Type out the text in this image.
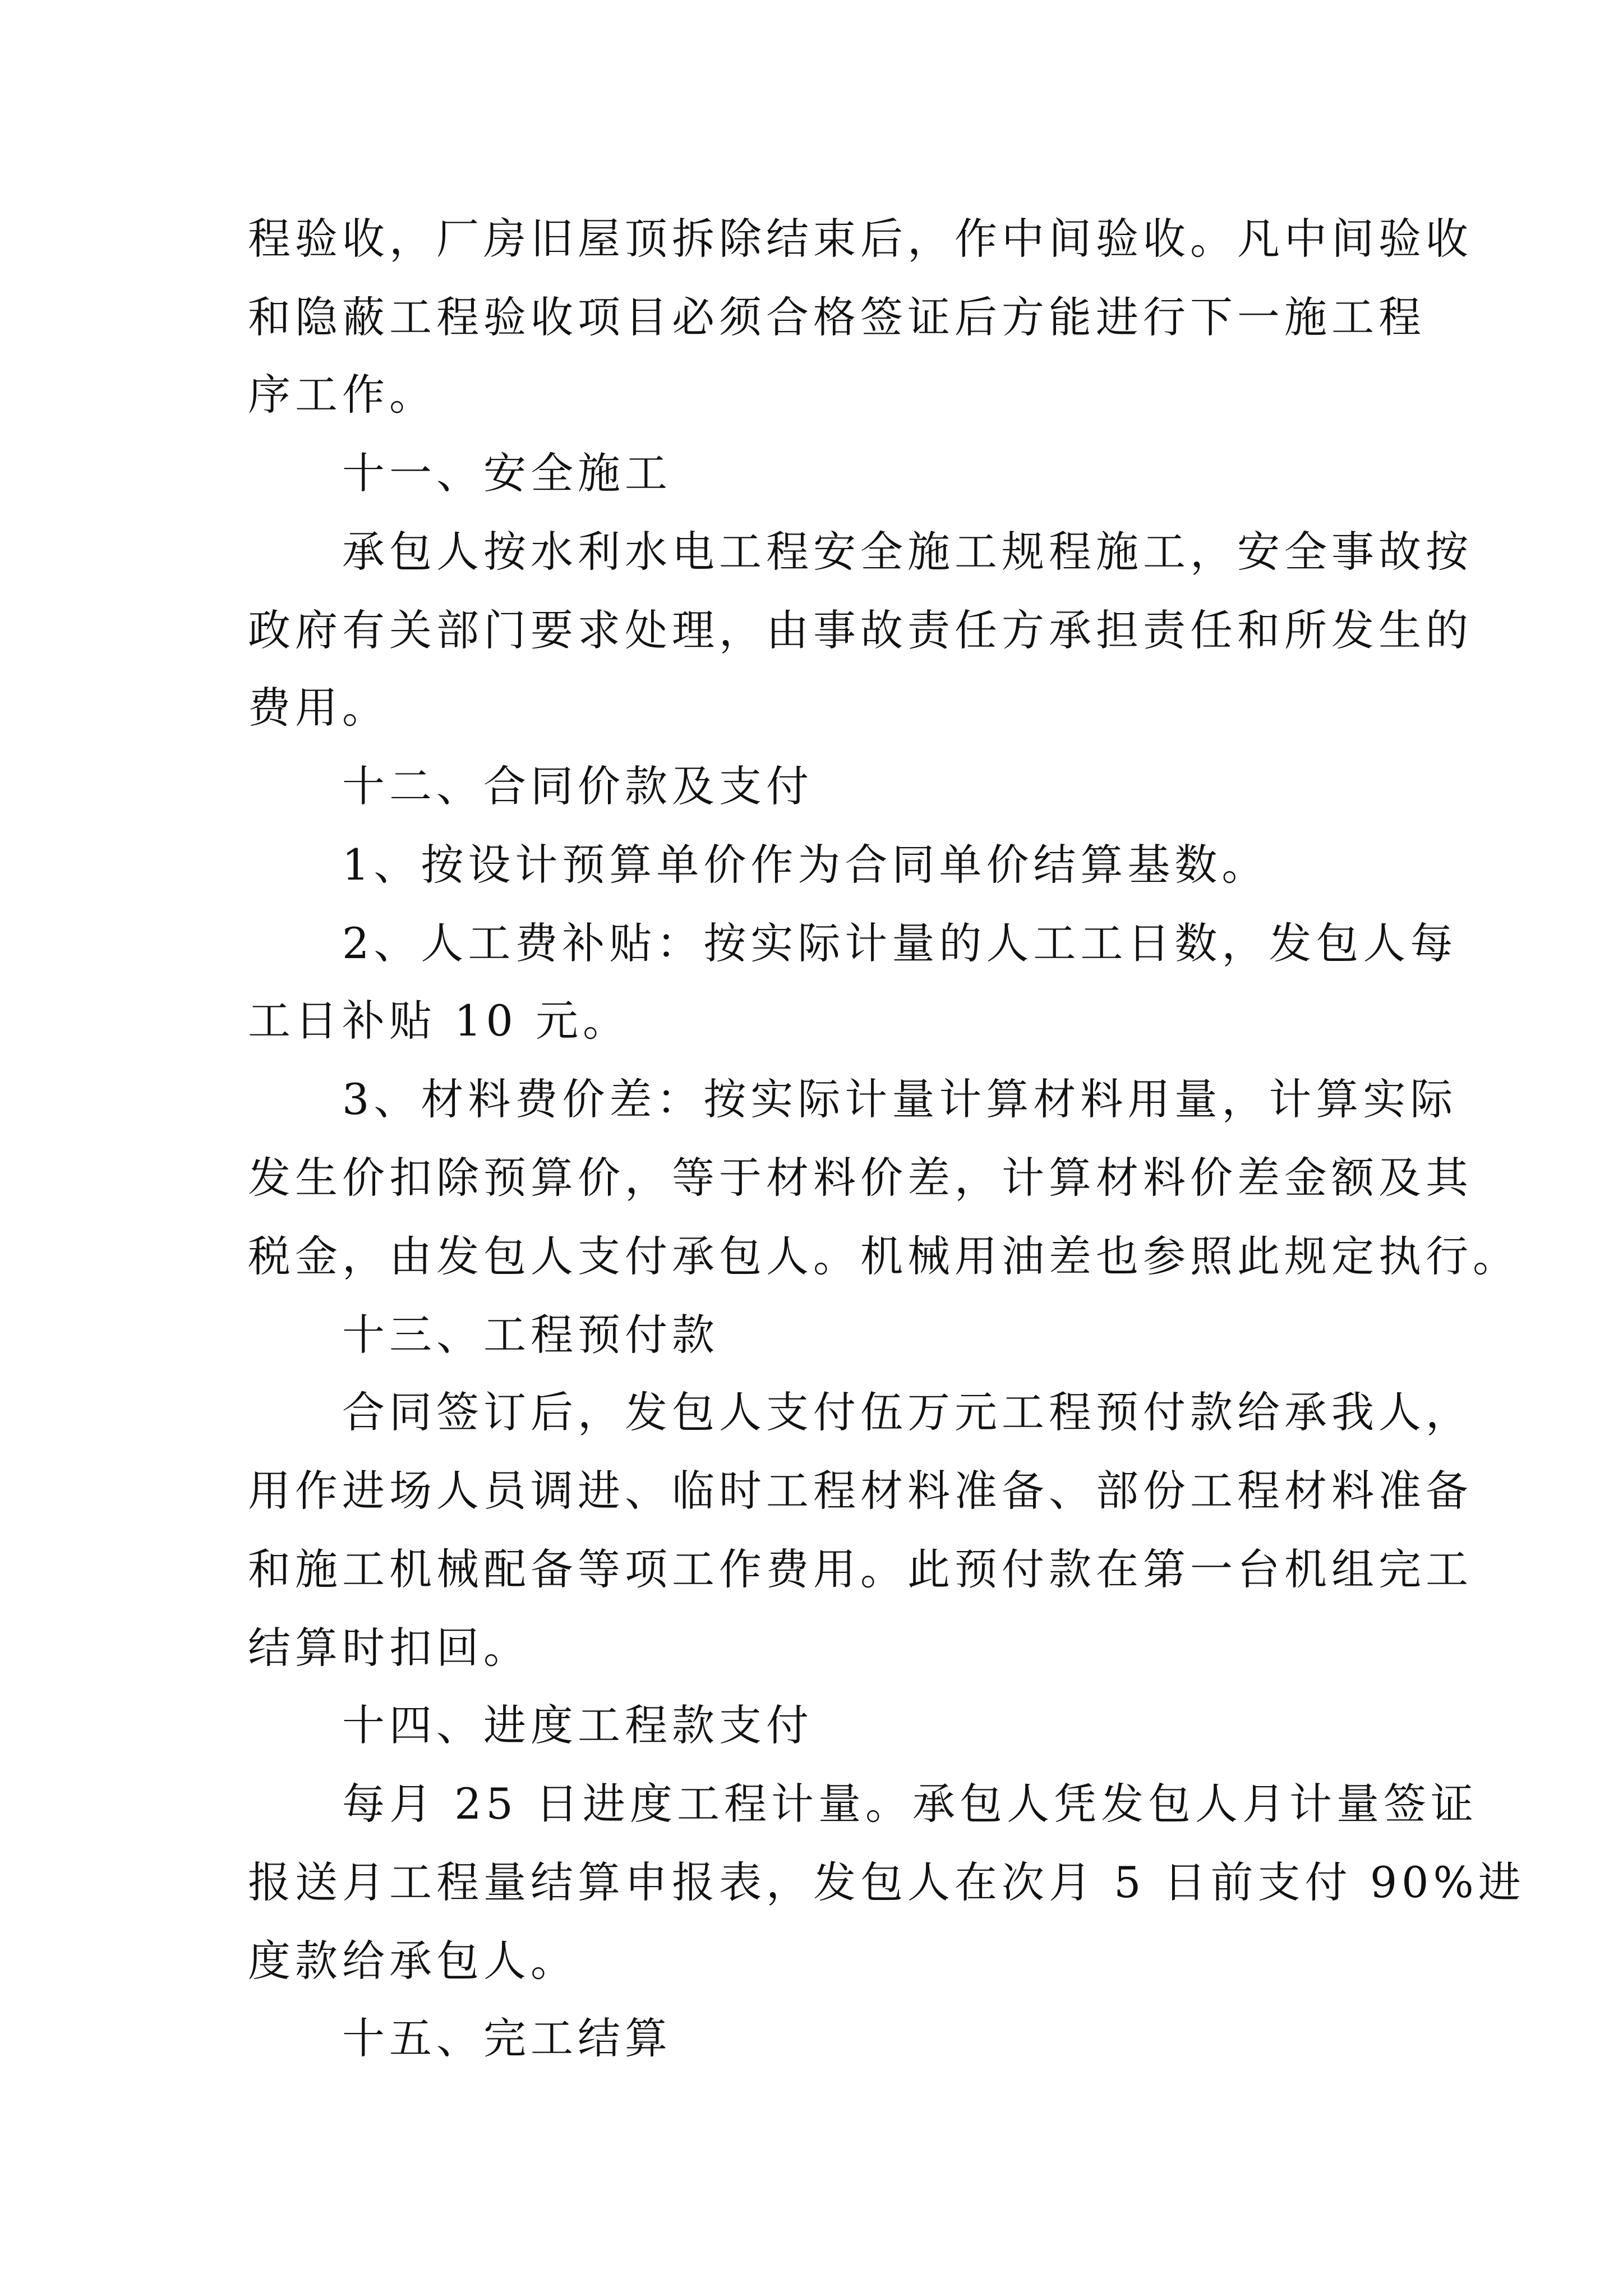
程验收，厂房旧屋顶拆除结束后，作中间验收。凡中间验收
和隐蔽工程验收项目必须合格签证后方能进行下一施工程
序工作。
十一、安全施工
承包人按水利水电工程安全施工规程施工，安全事故按
政府有关部门要求处理，由事故责任方承担责任和所发生的
费用。
十二、合同价款及支付
1、按设计预算单价作为合同单价结算基数。
2、人工费补贴：按实际计量的人工工日数，发包人每
工日补贴 10 元。
3、材料费价差：按实际计量计算材料用量，计算实际
发生价扣除预算价，等于材料价差，计算材料价差金额及其
税金，由发包人支付承包人。机械用油差也参照此规定执行。
十三、工程预付款
合同签订后，发包人支付伍万元工程预付款给承我人，
用作进场人员调进、临时工程材料准备、部份工程材料准备
和施工机械配备等项工作费用。此预付款在第一台机组完工
结算时扣回。
十四、进度工程款支付
每月 25 日进度工程计量。承包人凭发包人月计量签证
报送月工程量结算申报表，发包人在次月 5 日前支付 90%进
度款给承包人。
十五、完工结算
